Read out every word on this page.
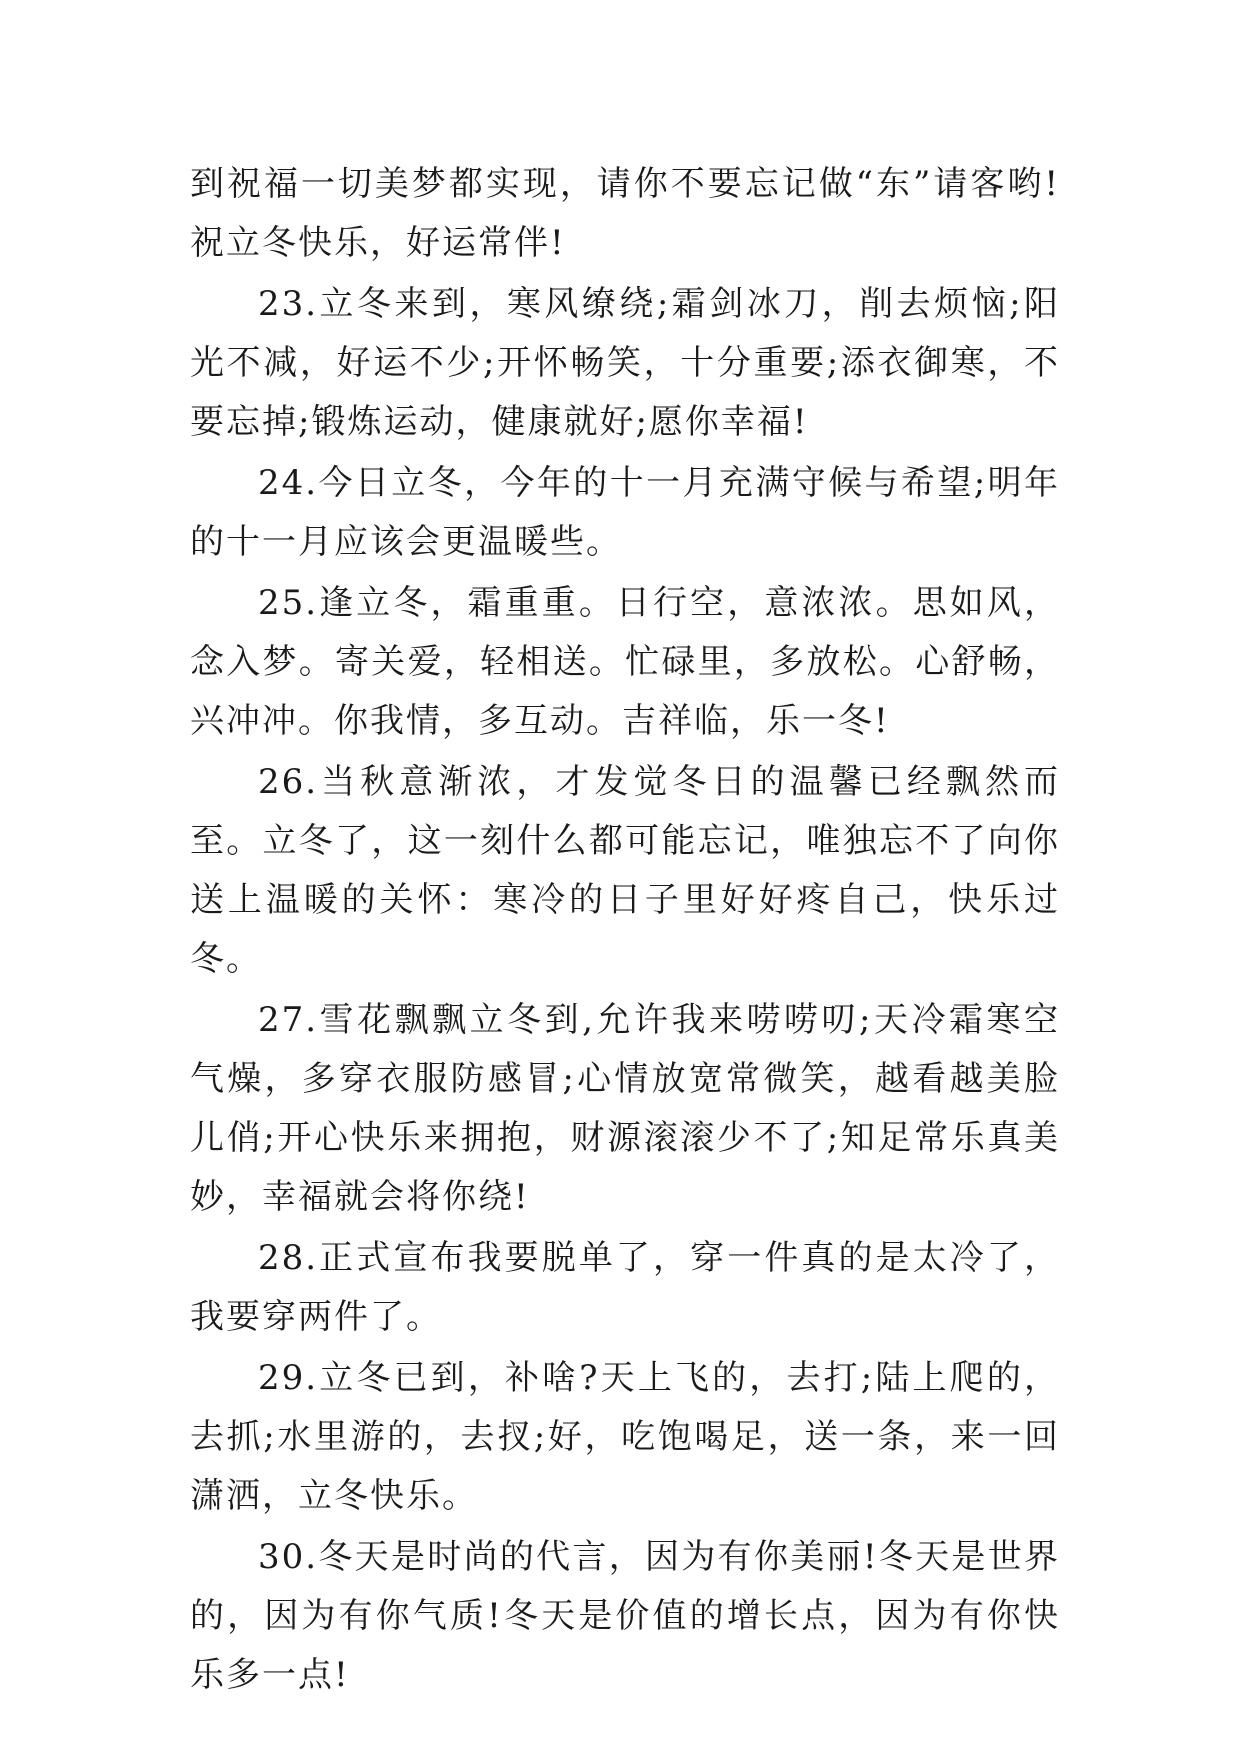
到祝福一切美梦都实现，请你不要忘记做“东”请客哟!祝立冬快乐，好运常伴!

23.立冬来到，寒风缭绕;霜剑冰刀，削去烦恼;阳光不减，好运不少;开怀畅笑，十分重要;添衣御寒，不要忘掉;锻炼运动，健康就好;愿你幸福!

24.今日立冬，今年的十一月充满守候与希望;明年的十一月应该会更温暖些。

25.逢立冬，霜重重。日行空，意浓浓。思如风，念入梦。寄关爱，轻相送。忙碌里，多放松。心舒畅，兴冲冲。你我情，多互动。吉祥临，乐一冬!

26.当秋意渐浓，才发觉冬日的温馨已经飘然而至。立冬了，这一刻什么都可能忘记，唯独忘不了向你送上温暖的关怀：寒冷的日子里好好疼自己，快乐过冬。

27.雪花飘飘立冬到,允许我来唠唠叨;天冷霜寒空气燥，多穿衣服防感冒;心情放宽常微笑，越看越美脸儿俏;开心快乐来拥抱，财源滚滚少不了;知足常乐真美妙，幸福就会将你绕!

28.正式宣布我要脱单了，穿一件真的是太冷了，我要穿两件了。

29.立冬已到，补啥?天上飞的，去打;陆上爬的，去抓;水里游的，去扠;好，吃饱喝足，送一条，来一回潇洒，立冬快乐。

30.冬天是时尚的代言，因为有你美丽!冬天是世界的，因为有你气质!冬天是价值的增长点，因为有你快乐多一点!
